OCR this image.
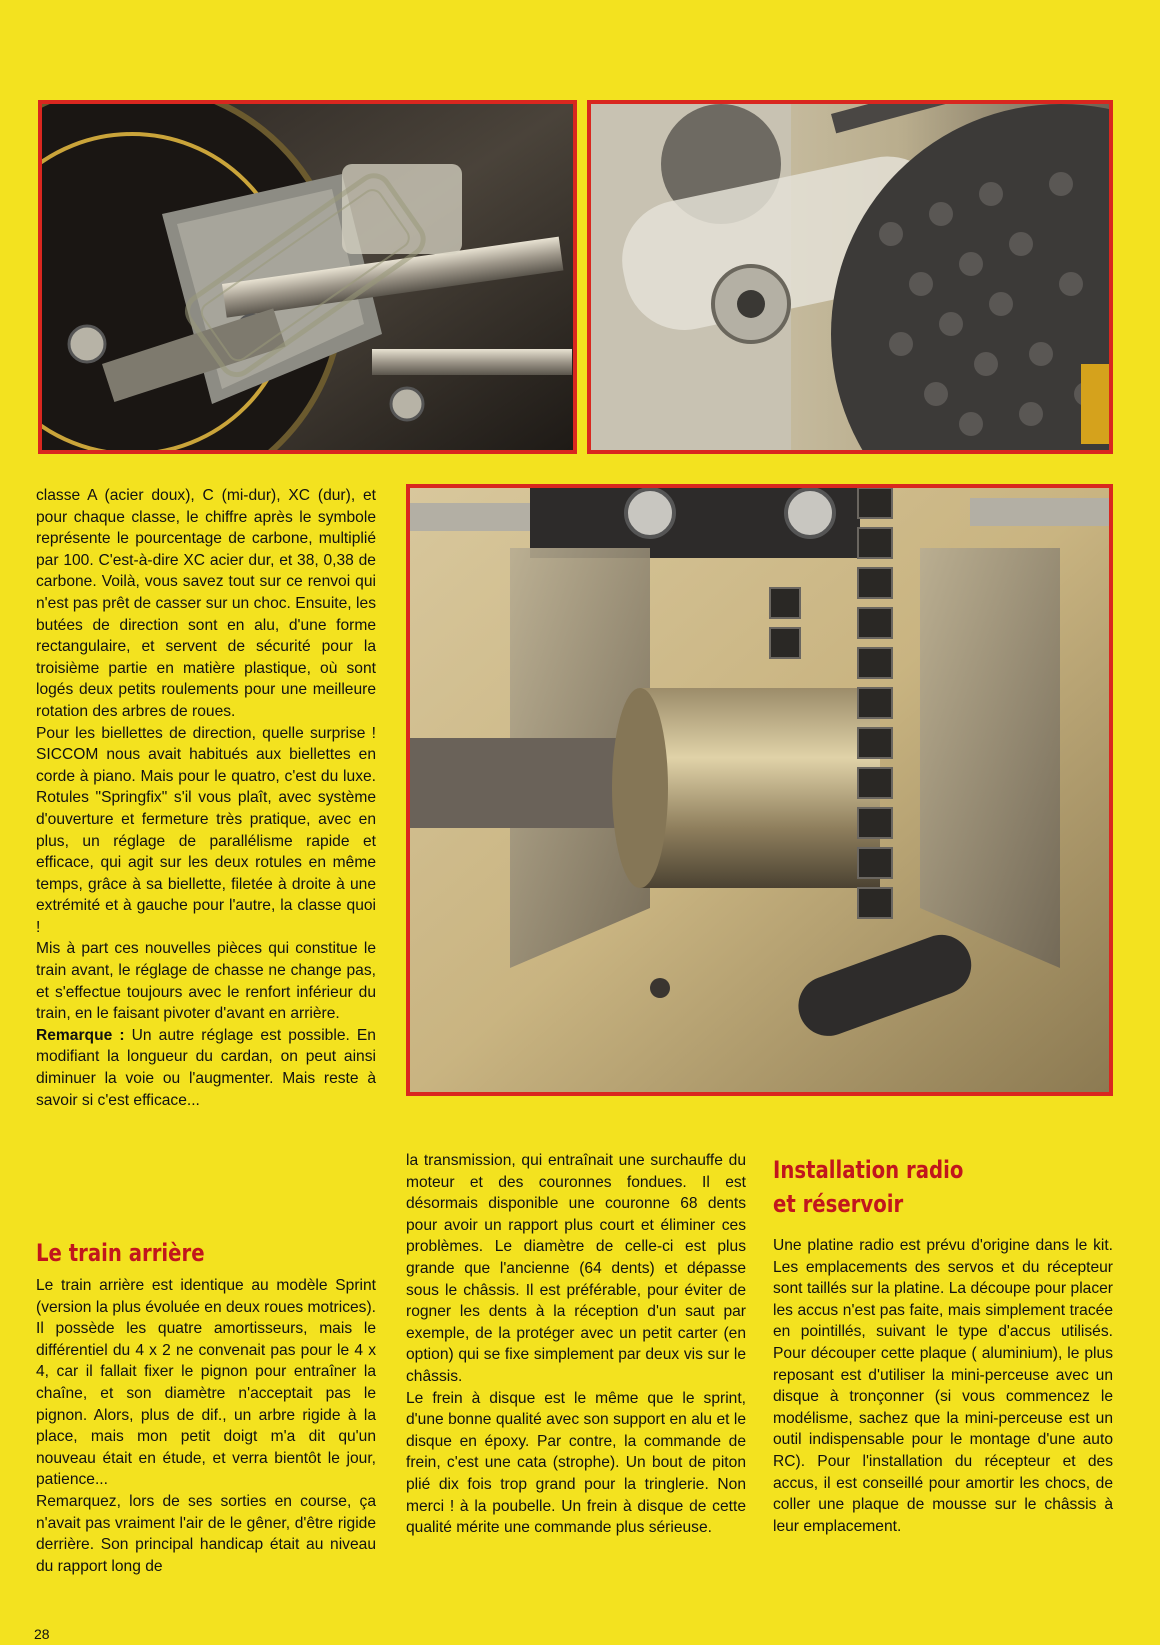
classe A (acier doux), C (mi-dur), XC (dur), et pour chaque classe, le chiffre après le symbole représente le pourcentage de carbone, multiplié par 100. C'est-à-dire XC acier dur, et 38, 0,38 de carbone. Voilà, vous savez tout sur ce renvoi qui n'est pas prêt de casser sur un choc. Ensuite, les butées de direction sont en alu, d'une forme rectangulaire, et servent de sécurité pour la troisième partie en matière plastique, où sont logés deux petits roulements pour une meilleure rotation des arbres de roues.

Pour les biellettes de direction, quelle surprise ! SICCOM nous avait habitués aux biellettes en corde à piano. Mais pour le quatro, c'est du luxe. Rotules "Springfix" s'il vous plaît, avec système d'ouverture et fermeture très pratique, avec en plus, un réglage de parallélisme rapide et efficace, qui agit sur les deux rotules en même temps, grâce à sa biellette, filetée à droite à une extrémité et à gauche pour l'autre, la classe quoi !

Mis à part ces nouvelles pièces qui constitue le train avant, le réglage de chasse ne change pas, et s'effectue toujours avec le renfort inférieur du train, en le faisant pivoter d'avant en arrière.

Remarque : Un autre réglage est possible. En modifiant la longueur du cardan, on peut ainsi diminuer la voie ou l'augmenter. Mais reste à savoir si c'est efficace...

Le train arrière

Le train arrière est identique au modèle Sprint (version la plus évoluée en deux roues motrices). Il possède les quatre amortisseurs, mais le différentiel du 4 x 2 ne convenait pas pour le 4 x 4, car il fallait fixer le pignon pour entraîner la chaîne, et son diamètre n'acceptait pas le pignon. Alors, plus de dif., un arbre rigide à la place, mais mon petit doigt m'a dit qu'un nouveau était en étude, et verra bientôt le jour, patience...

Remarquez, lors de ses sorties en course, ça n'avait pas vraiment l'air de le gêner, d'être rigide derrière. Son principal handicap était au niveau du rapport long de

la transmission, qui entraînait une surchauffe du moteur et des couronnes fondues. Il est désormais disponible une couronne 68 dents pour avoir un rapport plus court et éliminer ces problèmes. Le diamètre de celle-ci est plus grande que l'ancienne (64 dents) et dépasse sous le châssis. Il est préférable, pour éviter de rogner les dents à la réception d'un saut par exemple, de la protéger avec un petit carter (en option) qui se fixe simplement par deux vis sur le châssis.

Le frein à disque est le même que le sprint, d'une bonne qualité avec son support en alu et le disque en époxy. Par contre, la commande de frein, c'est une cata (strophe). Un bout de piton plié dix fois trop grand pour la tringlerie. Non merci ! à la poubelle. Un frein à disque de cette qualité mérite une commande plus sérieuse.

Installation radio
et réservoir

Une platine radio est prévu d'origine dans le kit. Les emplacements des servos et du récepteur sont taillés sur la platine. La découpe pour placer les accus n'est pas faite, mais simplement tracée en pointillés, suivant le type d'accus utilisés. Pour découper cette plaque ( aluminium), le plus reposant est d'utiliser la mini-perceuse avec un disque à tronçonner (si vous commencez le modélisme, sachez que la mini-perceuse est un outil indispensable pour le montage d'une auto RC). Pour l'installation du récepteur et des accus, il est conseillé pour amortir les chocs, de coller une plaque de mousse sur le châssis à leur emplacement.

28
